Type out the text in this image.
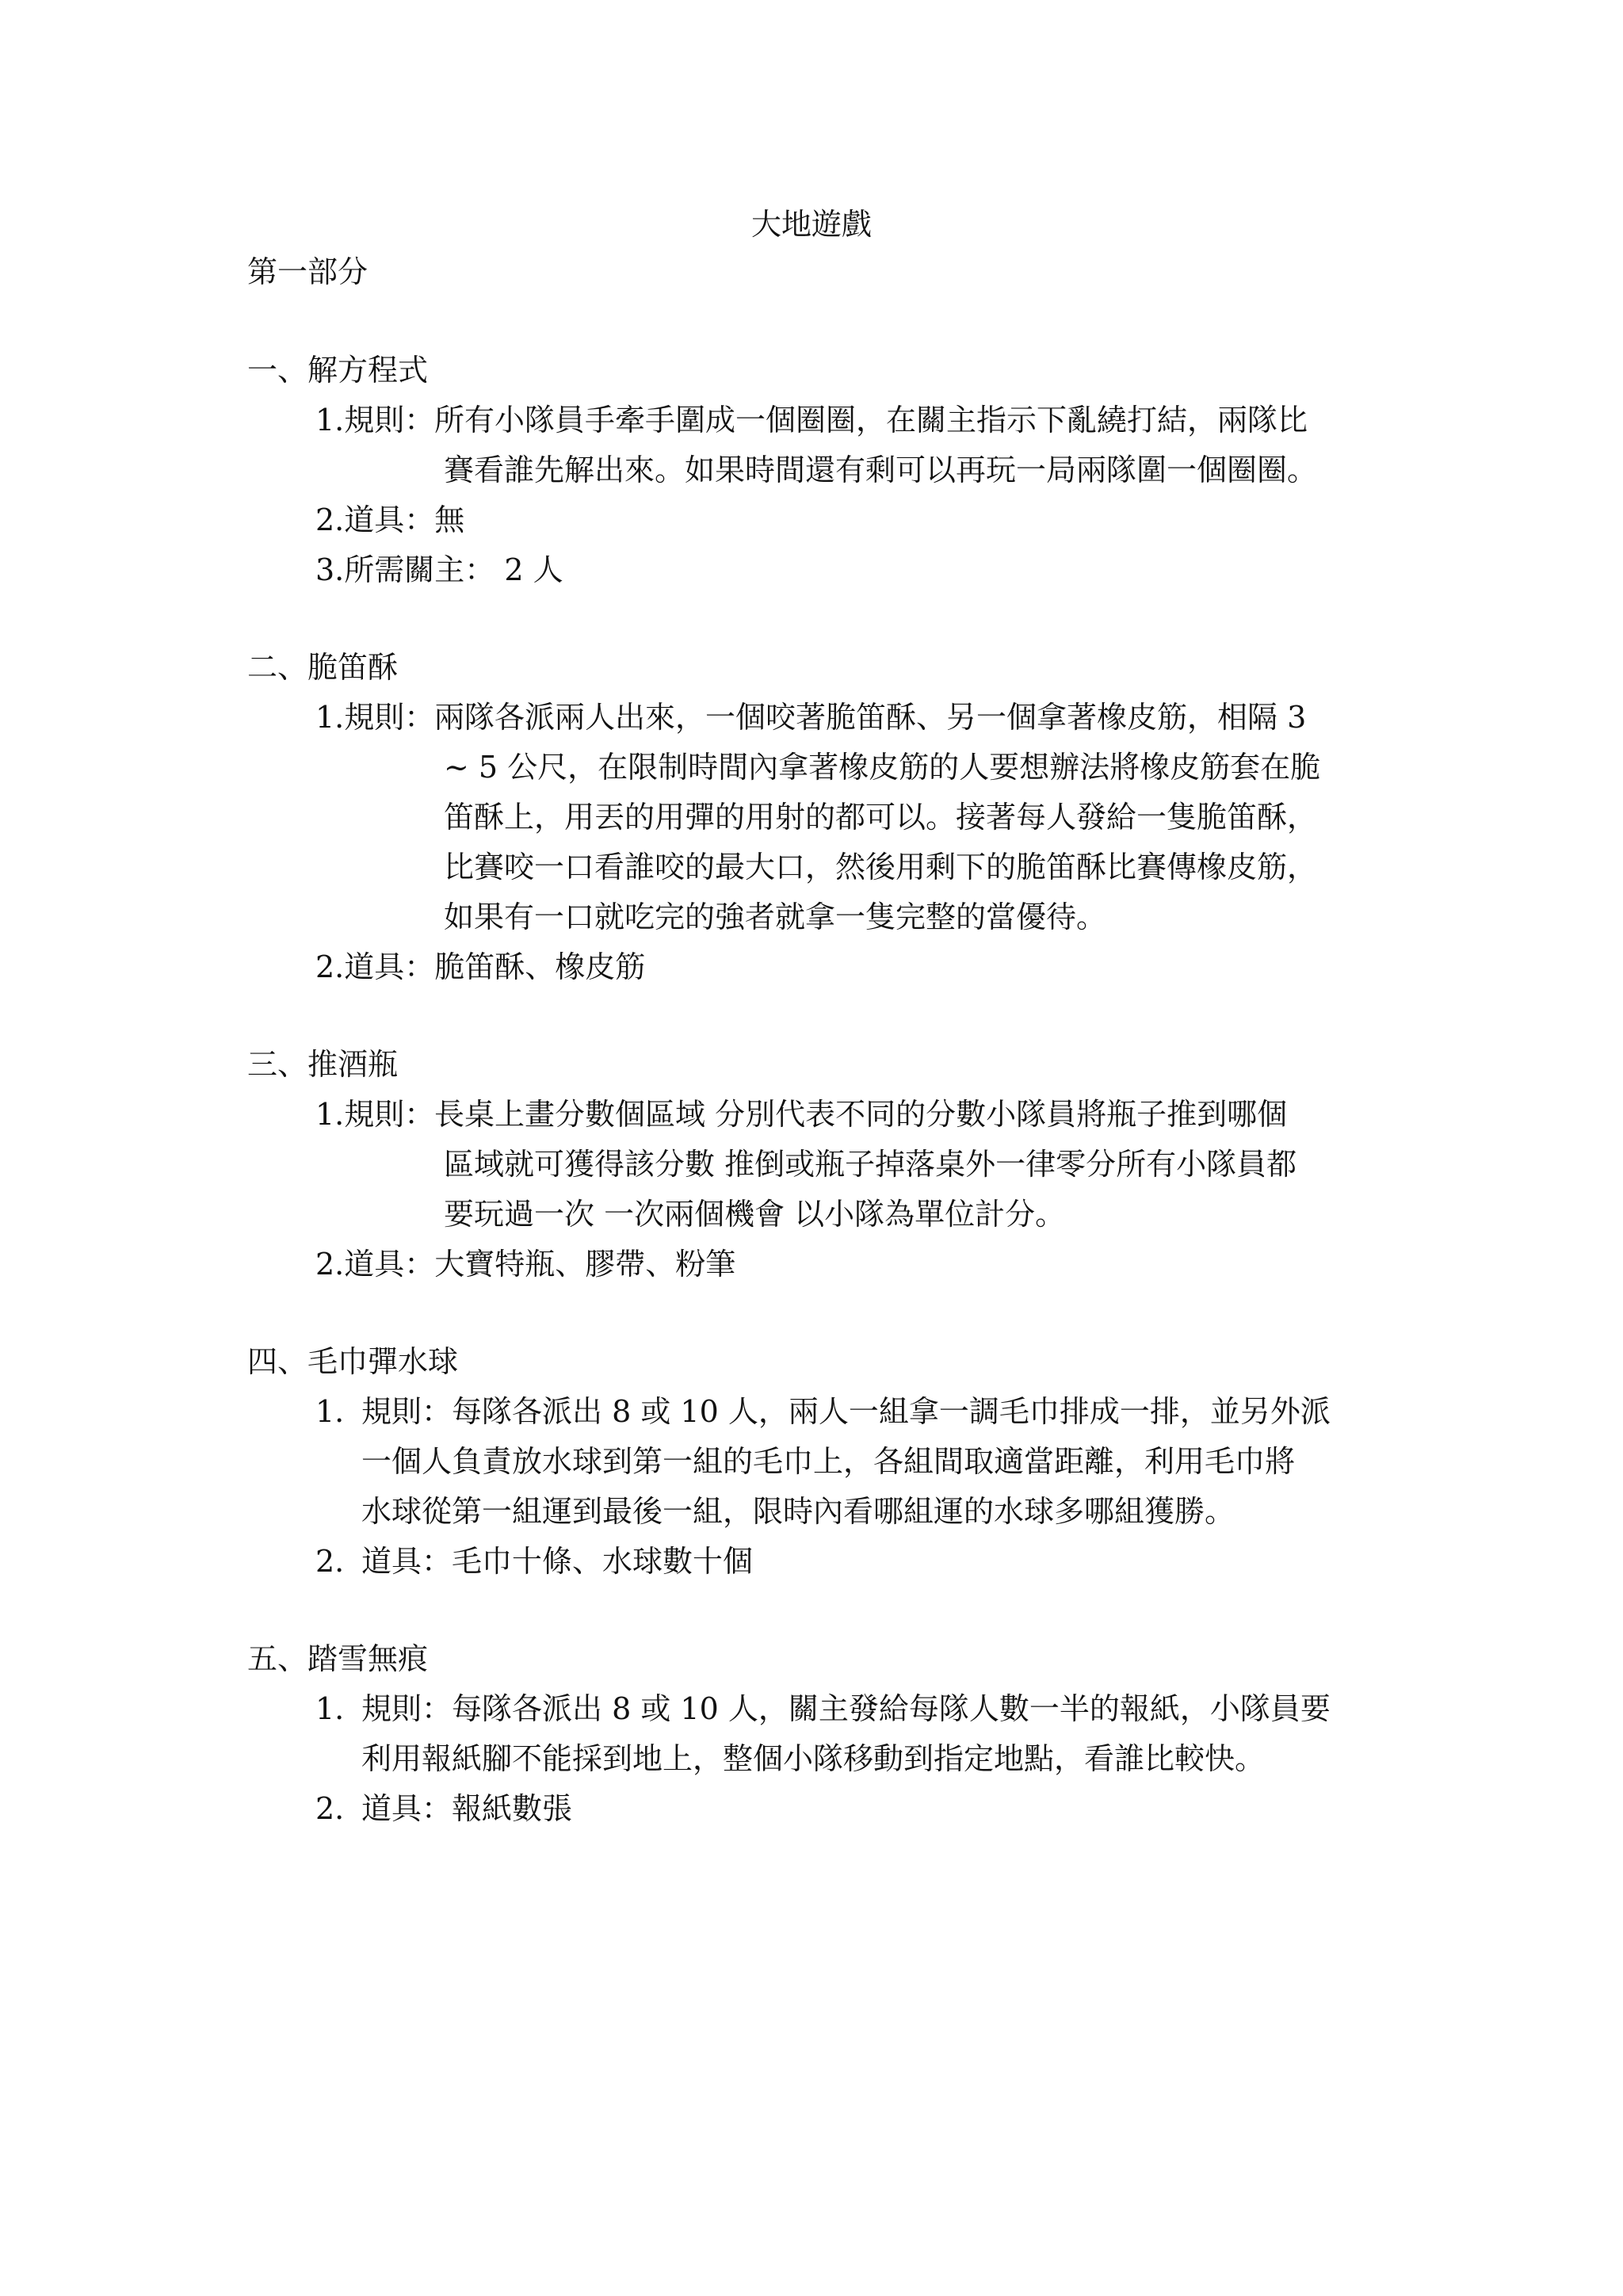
大地遊戲
第一部分
一、解方程式
1.規則： 所有小隊員手牽手圍成一個圈圈，在關主指示下亂繞打結，兩隊比
賽看誰先解出來。如果時間還有剩可以再玩一局兩隊圍一個圈圈。
2.道具：無
3.所需關主： 2 人
二、脆笛酥
1.規則： 兩隊各派兩人出來，一個咬著脆笛酥、另一個拿著橡皮筋，相隔 3
~ 5 公尺，在限制時間內拿著橡皮筋的人要想辦法將橡皮筋套在脆
笛酥上，用丟的用彈的用射的都可以。接著每人發給一隻脆笛酥，
比賽咬一口看誰咬的最大口，然後用剩下的脆笛酥比賽傳橡皮筋，
如果有一口就吃完的強者就拿一隻完整的當優待。
2.道具：脆笛酥、橡皮筋
三、推酒瓶
1.規則： 長桌上畫分數個區域 分別代表不同的分數小隊員將瓶子推到哪個
區域就可獲得該分數 推倒或瓶子掉落桌外一律零分所有小隊員都
要玩過一次 一次兩個機會 以小隊為單位計分。
2.道具：大寶特瓶、膠帶、粉筆
四、毛巾彈水球
1. 規則：每隊各派出 8 或 10 人，兩人一組拿一調毛巾排成一排，並另外派
一個人負責放水球到第一組的毛巾上，各組間取適當距離，利用毛巾將
水球從第一組運到最後一組，限時內看哪組運的水球多哪組獲勝。
2. 道具：毛巾十條、水球數十個
五、踏雪無痕
1. 規則：每隊各派出 8 或 10 人，關主發給每隊人數一半的報紙，小隊員要
利用報紙腳不能採到地上，整個小隊移動到指定地點，看誰比較快。
2. 道具：報紙數張
